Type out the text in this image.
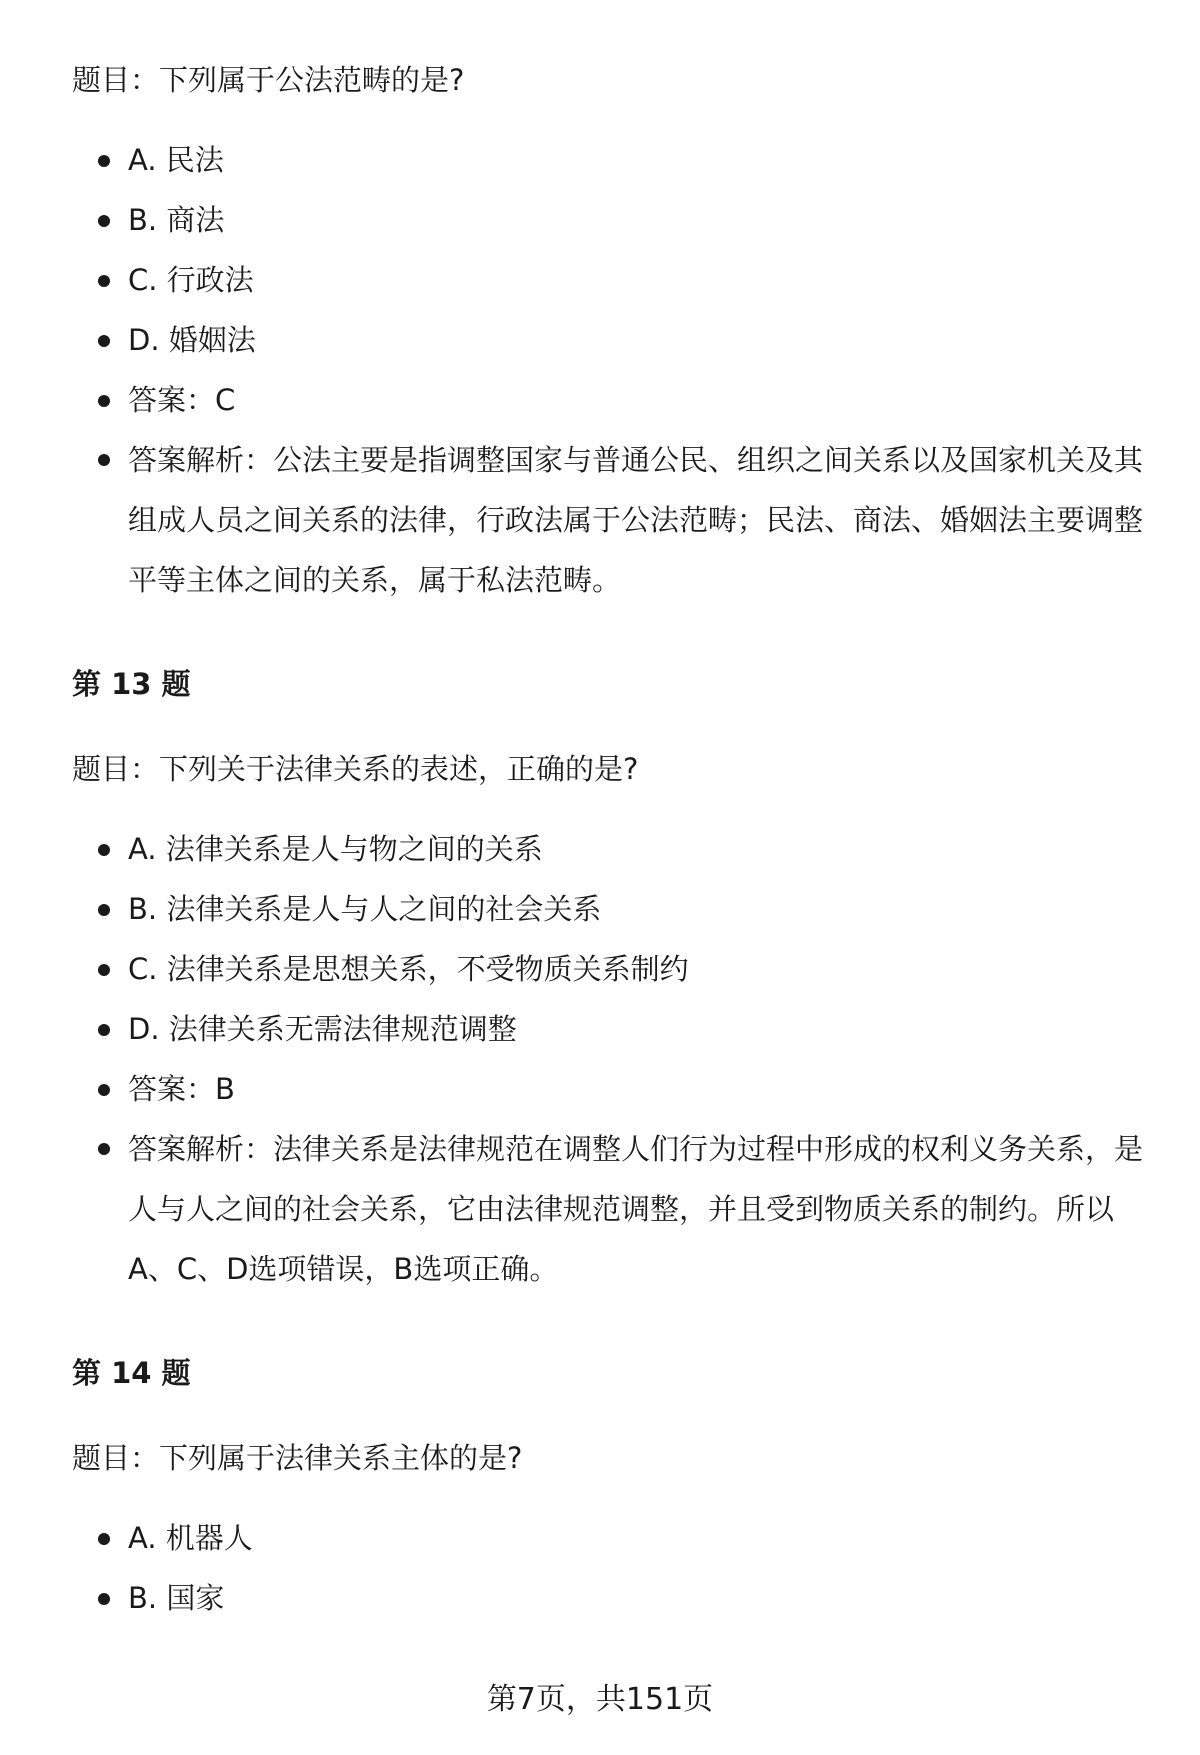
题目：下列属于公法范畴的是?

A. 民法
B. 商法
C. 行政法
D. 婚姻法
答案：C
答案解析：公法主要是指调整国家与普通公民、组织之间关系以及国家机关及其组成人员之间关系的法律，行政法属于公法范畴；民法、商法、婚姻法主要调整平等主体之间的关系，属于私法范畴。

第 13 题

题目：下列关于法律关系的表述，正确的是?

A. 法律关系是人与物之间的关系
B. 法律关系是人与人之间的社会关系
C. 法律关系是思想关系，不受物质关系制约
D. 法律关系无需法律规范调整
答案：B
答案解析：法律关系是法律规范在调整人们行为过程中形成的权利义务关系，是人与人之间的社会关系，它由法律规范调整，并且受到物质关系的制约。所以A、C、D选项错误，B选项正确。

第 14 题

题目：下列属于法律关系主体的是?

A. 机器人
B. 国家
第7页，共151页
